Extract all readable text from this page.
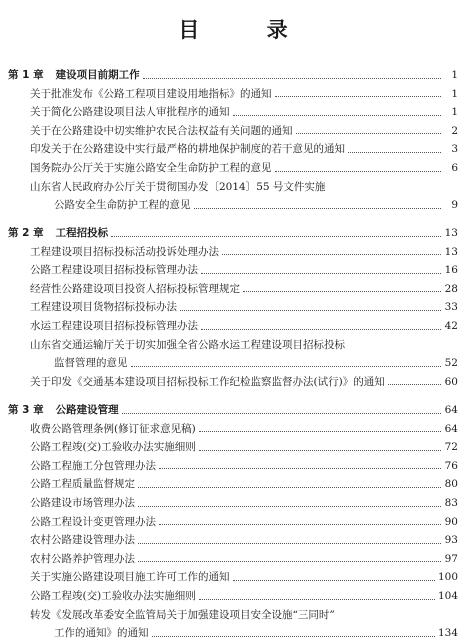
目 录
第 1 章 建设项目前期工作	1
关于批准发布《公路工程项目建设用地指标》的通知	1
关于简化公路建设项目法人审批程序的通知	1
关于在公路建设中切实维护农民合法权益有关问题的通知	2
印发关于在公路建设中实行最严格的耕地保护制度的若干意见的通知	3
国务院办公厅关于实施公路安全生命防护工程的意见	6
山东省人民政府办公厅关于贯彻国办发〔2014〕55 号文件实施
公路安全生命防护工程的意见	9
第 2 章 工程招投标	13
工程建设项目招标投标活动投诉处理办法	13
公路工程建设项目招标投标管理办法	16
经营性公路建设项目投资人招标投标管理规定	28
工程建设项目货物招标投标办法	33
水运工程建设项目招标投标管理办法	42
山东省交通运输厅关于切实加强全省公路水运工程建设项目招标投标
监督管理的意见	52
关于印发《交通基本建设项目招标投标工作纪检监察监督办法(试行)》的通知	60
第 3 章 公路建设管理	64
收费公路管理条例(修订征求意见稿)	64
公路工程竣(交)工验收办法实施细则	72
公路工程施工分包管理办法	76
公路工程质量监督规定	80
公路建设市场管理办法	83
公路工程设计变更管理办法	90
农村公路建设管理办法	93
农村公路养护管理办法	97
关于实施公路建设项目施工许可工作的通知	100
公路工程竣(交)工验收办法实施细则	104
转发《发展改革委安全监管局关于加强建设项目安全设施“三同时”
工作的通知》的通知	134
